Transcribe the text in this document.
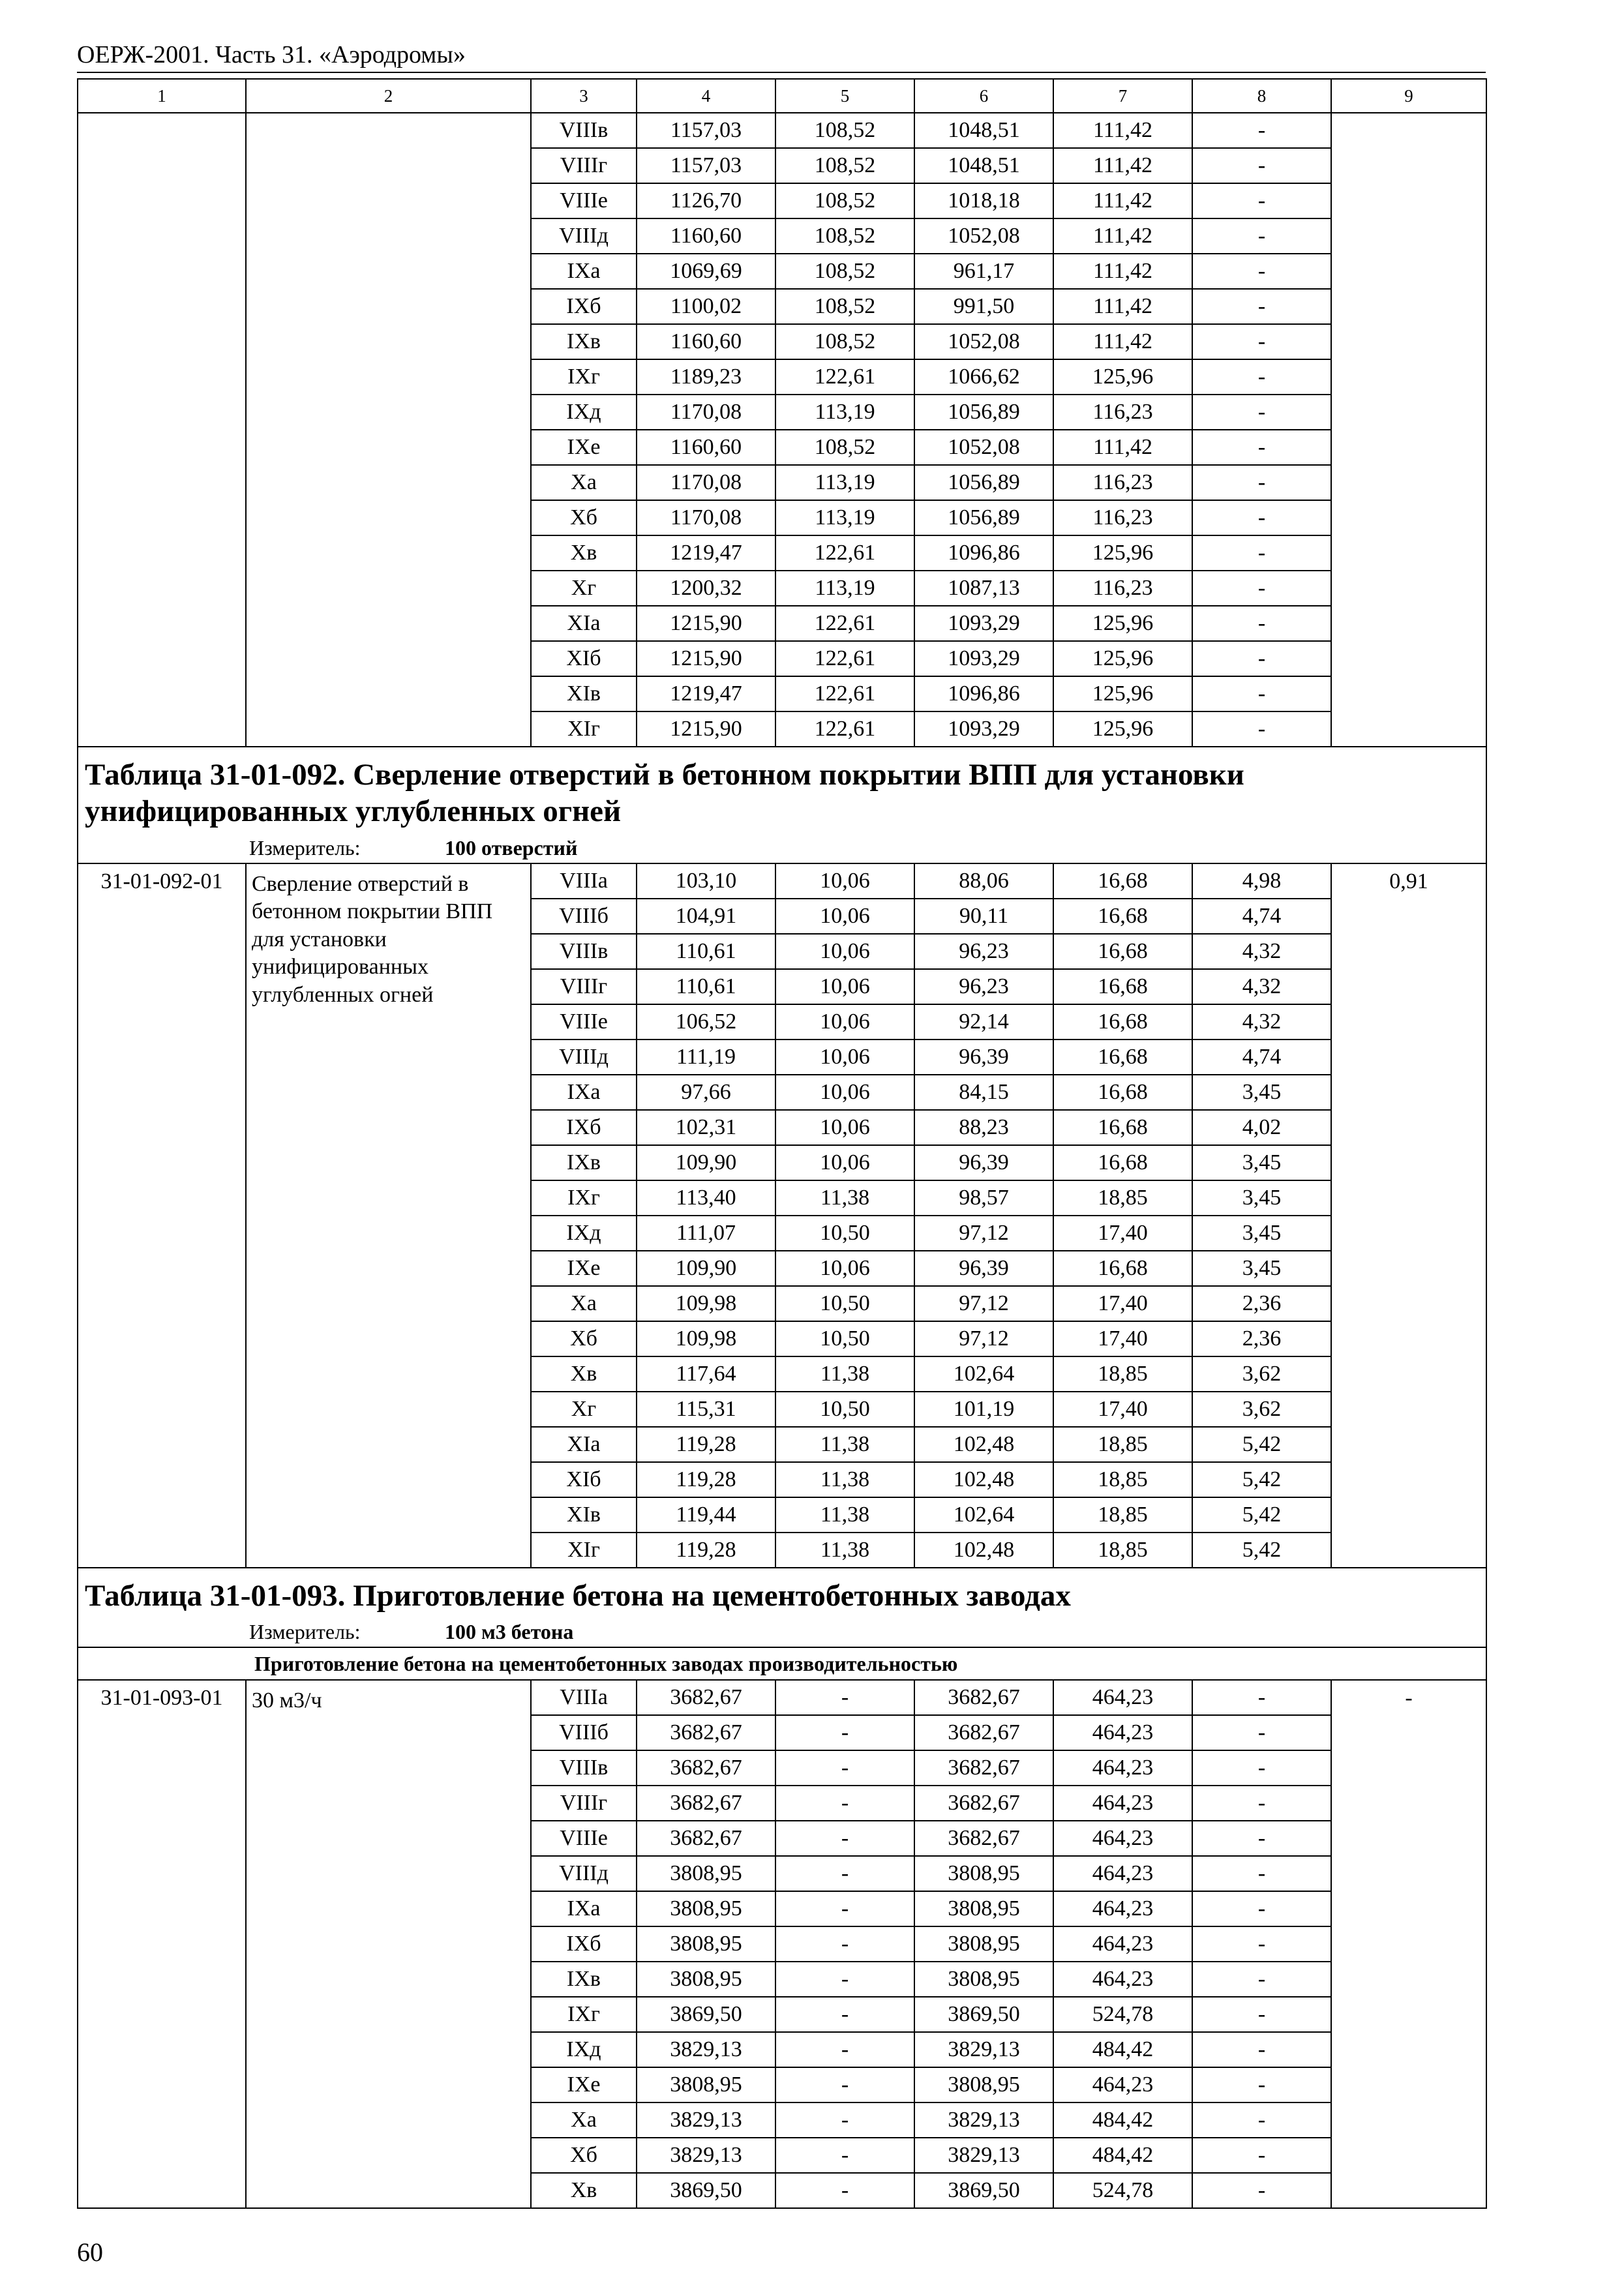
ОЕРЖ-2001. Часть 31. «Аэродромы»
1	2	3	4	5	6	7	8	9
		VIIIв	1157,03	108,52	1048,51	111,42	-	
		VIIIг	1157,03	108,52	1048,51	111,42	-	
		VIIIе	1126,70	108,52	1018,18	111,42	-	
		VIIIд	1160,60	108,52	1052,08	111,42	-	
		IXа	1069,69	108,52	961,17	111,42	-	
		IXб	1100,02	108,52	991,50	111,42	-	
		IXв	1160,60	108,52	1052,08	111,42	-	
		IXг	1189,23	122,61	1066,62	125,96	-	
		IXд	1170,08	113,19	1056,89	116,23	-	
		IXе	1160,60	108,52	1052,08	111,42	-	
		Xа	1170,08	113,19	1056,89	116,23	-	
		Xб	1170,08	113,19	1056,89	116,23	-	
		Xв	1219,47	122,61	1096,86	125,96	-	
		Xг	1200,32	113,19	1087,13	116,23	-	
		XIа	1215,90	122,61	1093,29	125,96	-	
		XIб	1215,90	122,61	1093,29	125,96	-	
		XIв	1219,47	122,61	1096,86	125,96	-	
		XIг	1215,90	122,61	1093,29	125,96	-	
Таблица 31-01-092. Сверление отверстий в бетонном покрытии ВПП для установки унифицированных углубленных огней								
Измеритель: 100 отверстий								
31-01-092-01	Сверление отверстий в бетонном покрытии ВПП для установки унифицированных углубленных огней	VIIIа	103,10	10,06	88,06	16,68	4,98	0,91
		VIIIб	104,91	10,06	90,11	16,68	4,74	
		VIIIв	110,61	10,06	96,23	16,68	4,32	
		VIIIг	110,61	10,06	96,23	16,68	4,32	
		VIIIе	106,52	10,06	92,14	16,68	4,32	
		VIIIд	111,19	10,06	96,39	16,68	4,74	
		IXа	97,66	10,06	84,15	16,68	3,45	
		IXб	102,31	10,06	88,23	16,68	4,02	
		IXв	109,90	10,06	96,39	16,68	3,45	
		IXг	113,40	11,38	98,57	18,85	3,45	
		IXд	111,07	10,50	97,12	17,40	3,45	
		IXе	109,90	10,06	96,39	16,68	3,45	
		Xа	109,98	10,50	97,12	17,40	2,36	
		Xб	109,98	10,50	97,12	17,40	2,36	
		Xв	117,64	11,38	102,64	18,85	3,62	
		Xг	115,31	10,50	101,19	17,40	3,62	
		XIа	119,28	11,38	102,48	18,85	5,42	
		XIб	119,28	11,38	102,48	18,85	5,42	
		XIв	119,44	11,38	102,64	18,85	5,42	
		XIг	119,28	11,38	102,48	18,85	5,42	
Таблица 31-01-093. Приготовление бетона на цементобетонных заводах								
Измеритель: 100 м3 бетона								
Приготовление бетона на цементобетонных заводах производительностью								
31-01-093-01	30 м3/ч	VIIIа	3682,67	-	3682,67	464,23	-	-
		VIIIб	3682,67	-	3682,67	464,23	-	
		VIIIв	3682,67	-	3682,67	464,23	-	
		VIIIг	3682,67	-	3682,67	464,23	-	
		VIIIе	3682,67	-	3682,67	464,23	-	
		VIIIд	3808,95	-	3808,95	464,23	-	
		IXа	3808,95	-	3808,95	464,23	-	
		IXб	3808,95	-	3808,95	464,23	-	
		IXв	3808,95	-	3808,95	464,23	-	
		IXг	3869,50	-	3869,50	524,78	-	
		IXд	3829,13	-	3829,13	484,42	-	
		IXе	3808,95	-	3808,95	464,23	-	
		Xа	3829,13	-	3829,13	484,42	-	
		Xб	3829,13	-	3829,13	484,42	-	
		Xв	3869,50	-	3869,50	524,78	-	
60
